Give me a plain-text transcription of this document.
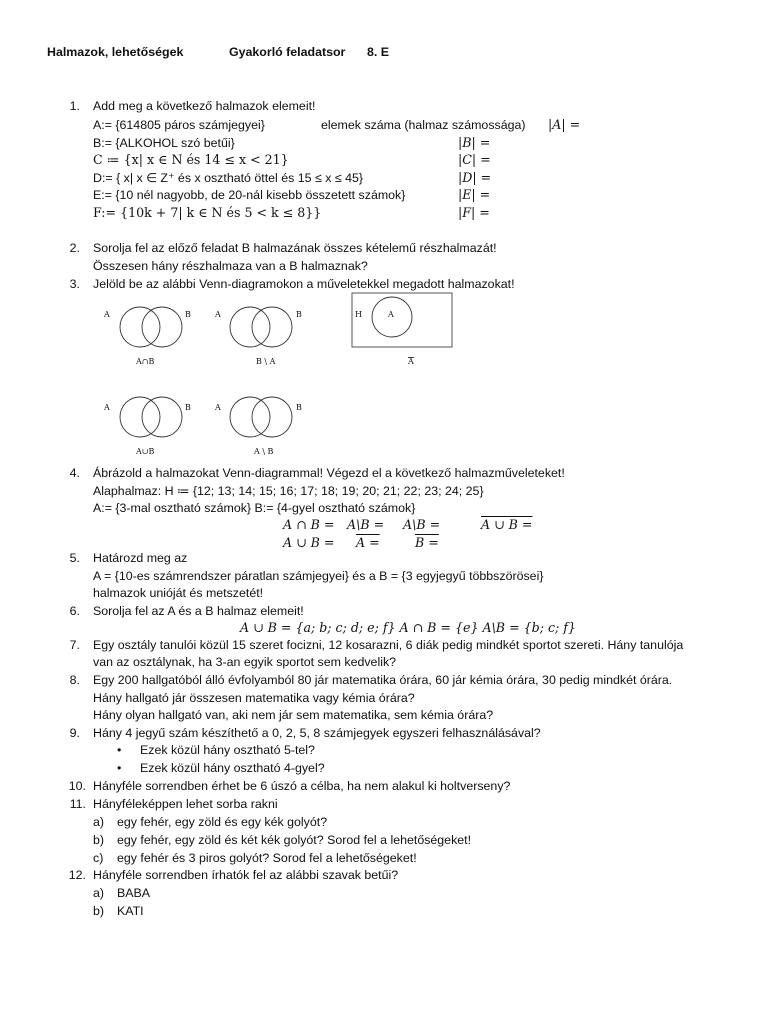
Halmazok, lehetőségek	Gyakorló feladatsor 8. E
1. Add meg a következő halmazok elemeit!
A:= {614805 páros számjegyei}	elemek száma (halmaz számossága) |A| =
B:= {ALKOHOL szó betűi}	|B| =
C ≔ {x| x ∈ N és 14 ≤ x < 21}	|C| =
D:= { x| x ∈ Z⁺ és x osztható öttel és 15 ≤ x ≤ 45}	|D| =
E:= {10 nél nagyobb, de 20-nál kisebb összetett számok}	|E| =
F:= {10k + 7| k ∈ N és 5 < k ≤ 8}}	|F| =
2. Sorolja fel az előző feladat B halmazának összes kételemű részhalmazát!
Összesen hány részhalmaza van a B halmaznak?
3. Jelöld be az alábbi Venn-diagramokon a műveletekkel megadott halmazokat!
A	B
A∩B
A	B
B \ A
H	A
A
A	B
A∪B
A	B
A \ B
4. Ábrázold a halmazokat Venn-diagrammal! Végezd el a következő halmazműveleteket!
Alaphalmaz: H ≔ {12; 13; 14; 15; 16; 17; 18; 19; 20; 21; 22; 23; 24; 25}
A:= {3-mal osztható számok} B:= {4-gyel osztható számok}
A ∩ B = A\B = A\B =	A ∪ B =
A ∪ B = A =	B =
5. Határozd meg az
A = {10-es számrendszer páratlan számjegyei} és a B = {3 egyjegyű többszörösei}
halmazok unióját és metszetét!
6. Sorolja fel az A és a B halmaz elemeit!
A ∪ B = {a; b; c; d; e; f} A ∩ B = {e} A\B = {b; c; f}
7. Egy osztály tanulói közül 15 szeret focizni, 12 kosarazni, 6 diák pedig mindkét sportot szereti. Hány tanulója
van az osztálynak, ha 3-an egyik sportot sem kedvelik?
8. Egy 200 hallgatóból álló évfolyamból 80 jár matematika órára, 60 jár kémia órára, 30 pedig mindkét órára.
Hány hallgató jár összesen matematika vagy kémia órára?
Hány olyan hallgató van, aki nem jár sem matematika, sem kémia órára?
9. Hány 4 jegyű szám készíthető a 0, 2, 5, 8 számjegyek egyszeri felhasználásával?
• Ezek közül hány osztható 5-tel?
• Ezek közül hány osztható 4-gyel?
10. Hányféle sorrendben érhet be 6 úszó a célba, ha nem alakul ki holtverseny?
11. Hányféleképpen lehet sorba rakni
a) egy fehér, egy zöld és egy kék golyót?
b) egy fehér, egy zöld és két kék golyót? Sorod fel a lehetőségeket!
c) egy fehér és 3 piros golyót? Sorod fel a lehetőségeket!
12. Hányféle sorrendben írhatók fel az alábbi szavak betűi?
a) BABA
b) KATI
